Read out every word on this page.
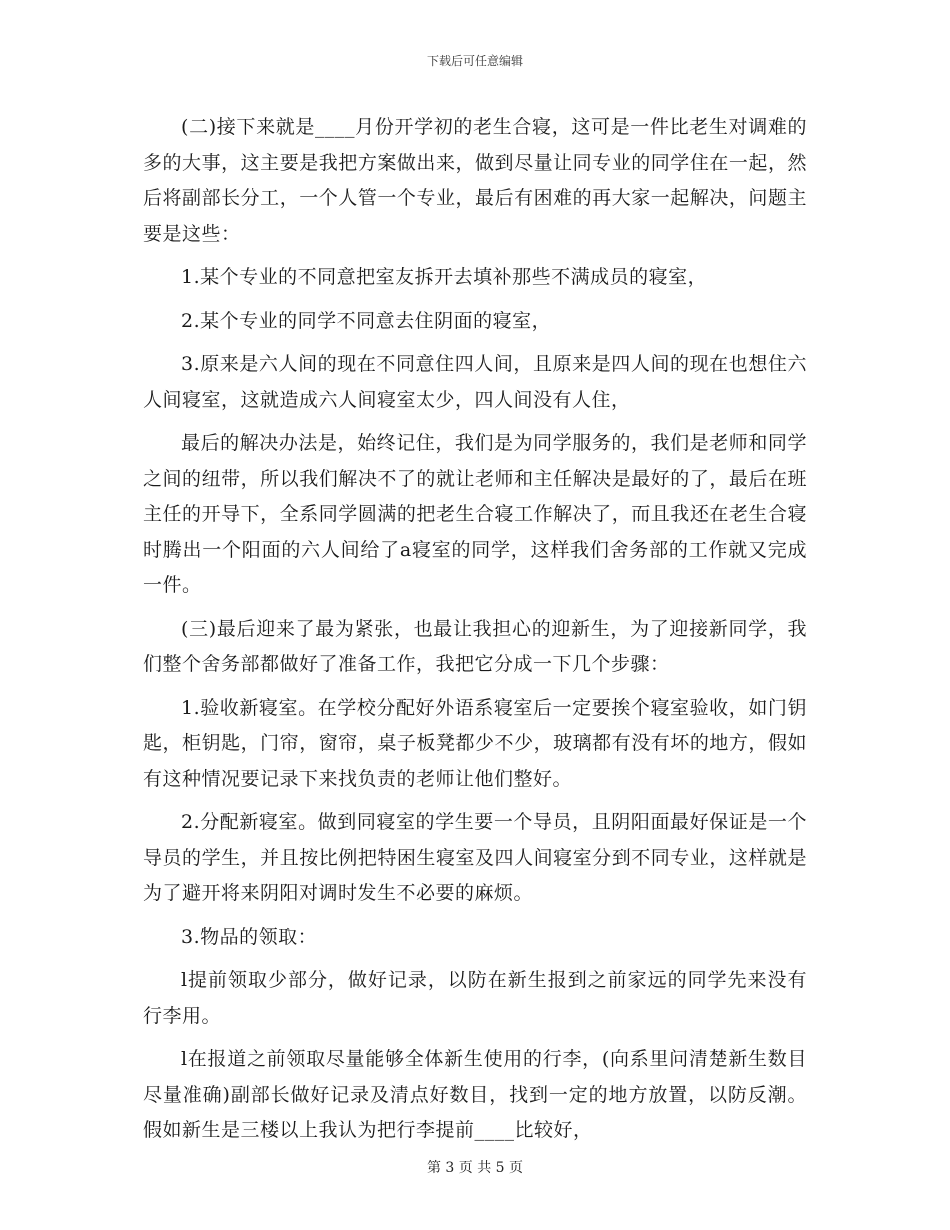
下载后可任意编辑

(二)接下来就是____月份开学初的老生合寝，这可是一件比老生对调难的多的大事，这主要是我把方案做出来，做到尽量让同专业的同学住在一起，然后将副部长分工，一个人管一个专业，最后有困难的再大家一起解决，问题主要是这些：

1.某个专业的不同意把室友拆开去填补那些不满成员的寝室，

2.某个专业的同学不同意去住阴面的寝室，

3.原来是六人间的现在不同意住四人间，且原来是四人间的现在也想住六人间寝室，这就造成六人间寝室太少，四人间没有人住，

最后的解决办法是，始终记住，我们是为同学服务的，我们是老师和同学之间的纽带，所以我们解决不了的就让老师和主任解决是最好的了，最后在班主任的开导下，全系同学圆满的把老生合寝工作解决了，而且我还在老生合寝时腾出一个阳面的六人间给了a寝室的同学，这样我们舍务部的工作就又完成一件。

(三)最后迎来了最为紧张，也最让我担心的迎新生，为了迎接新同学，我们整个舍务部都做好了准备工作，我把它分成一下几个步骤：

1.验收新寝室。在学校分配好外语系寝室后一定要挨个寝室验收，如门钥匙，柜钥匙，门帘，窗帘，桌子板凳都少不少，玻璃都有没有坏的地方，假如有这种情况要记录下来找负责的老师让他们整好。

2.分配新寝室。做到同寝室的学生要一个导员，且阴阳面最好保证是一个导员的学生，并且按比例把特困生寝室及四人间寝室分到不同专业，这样就是为了避开将来阴阳对调时发生不必要的麻烦。

3.物品的领取：

l提前领取少部分，做好记录，以防在新生报到之前家远的同学先来没有行李用。

l在报道之前领取尽量能够全体新生使用的行李，(向系里问清楚新生数目尽量准确)副部长做好记录及清点好数目，找到一定的地方放置，以防反潮。假如新生是三楼以上我认为把行李提前____比较好，

第 3 页 共 5 页
